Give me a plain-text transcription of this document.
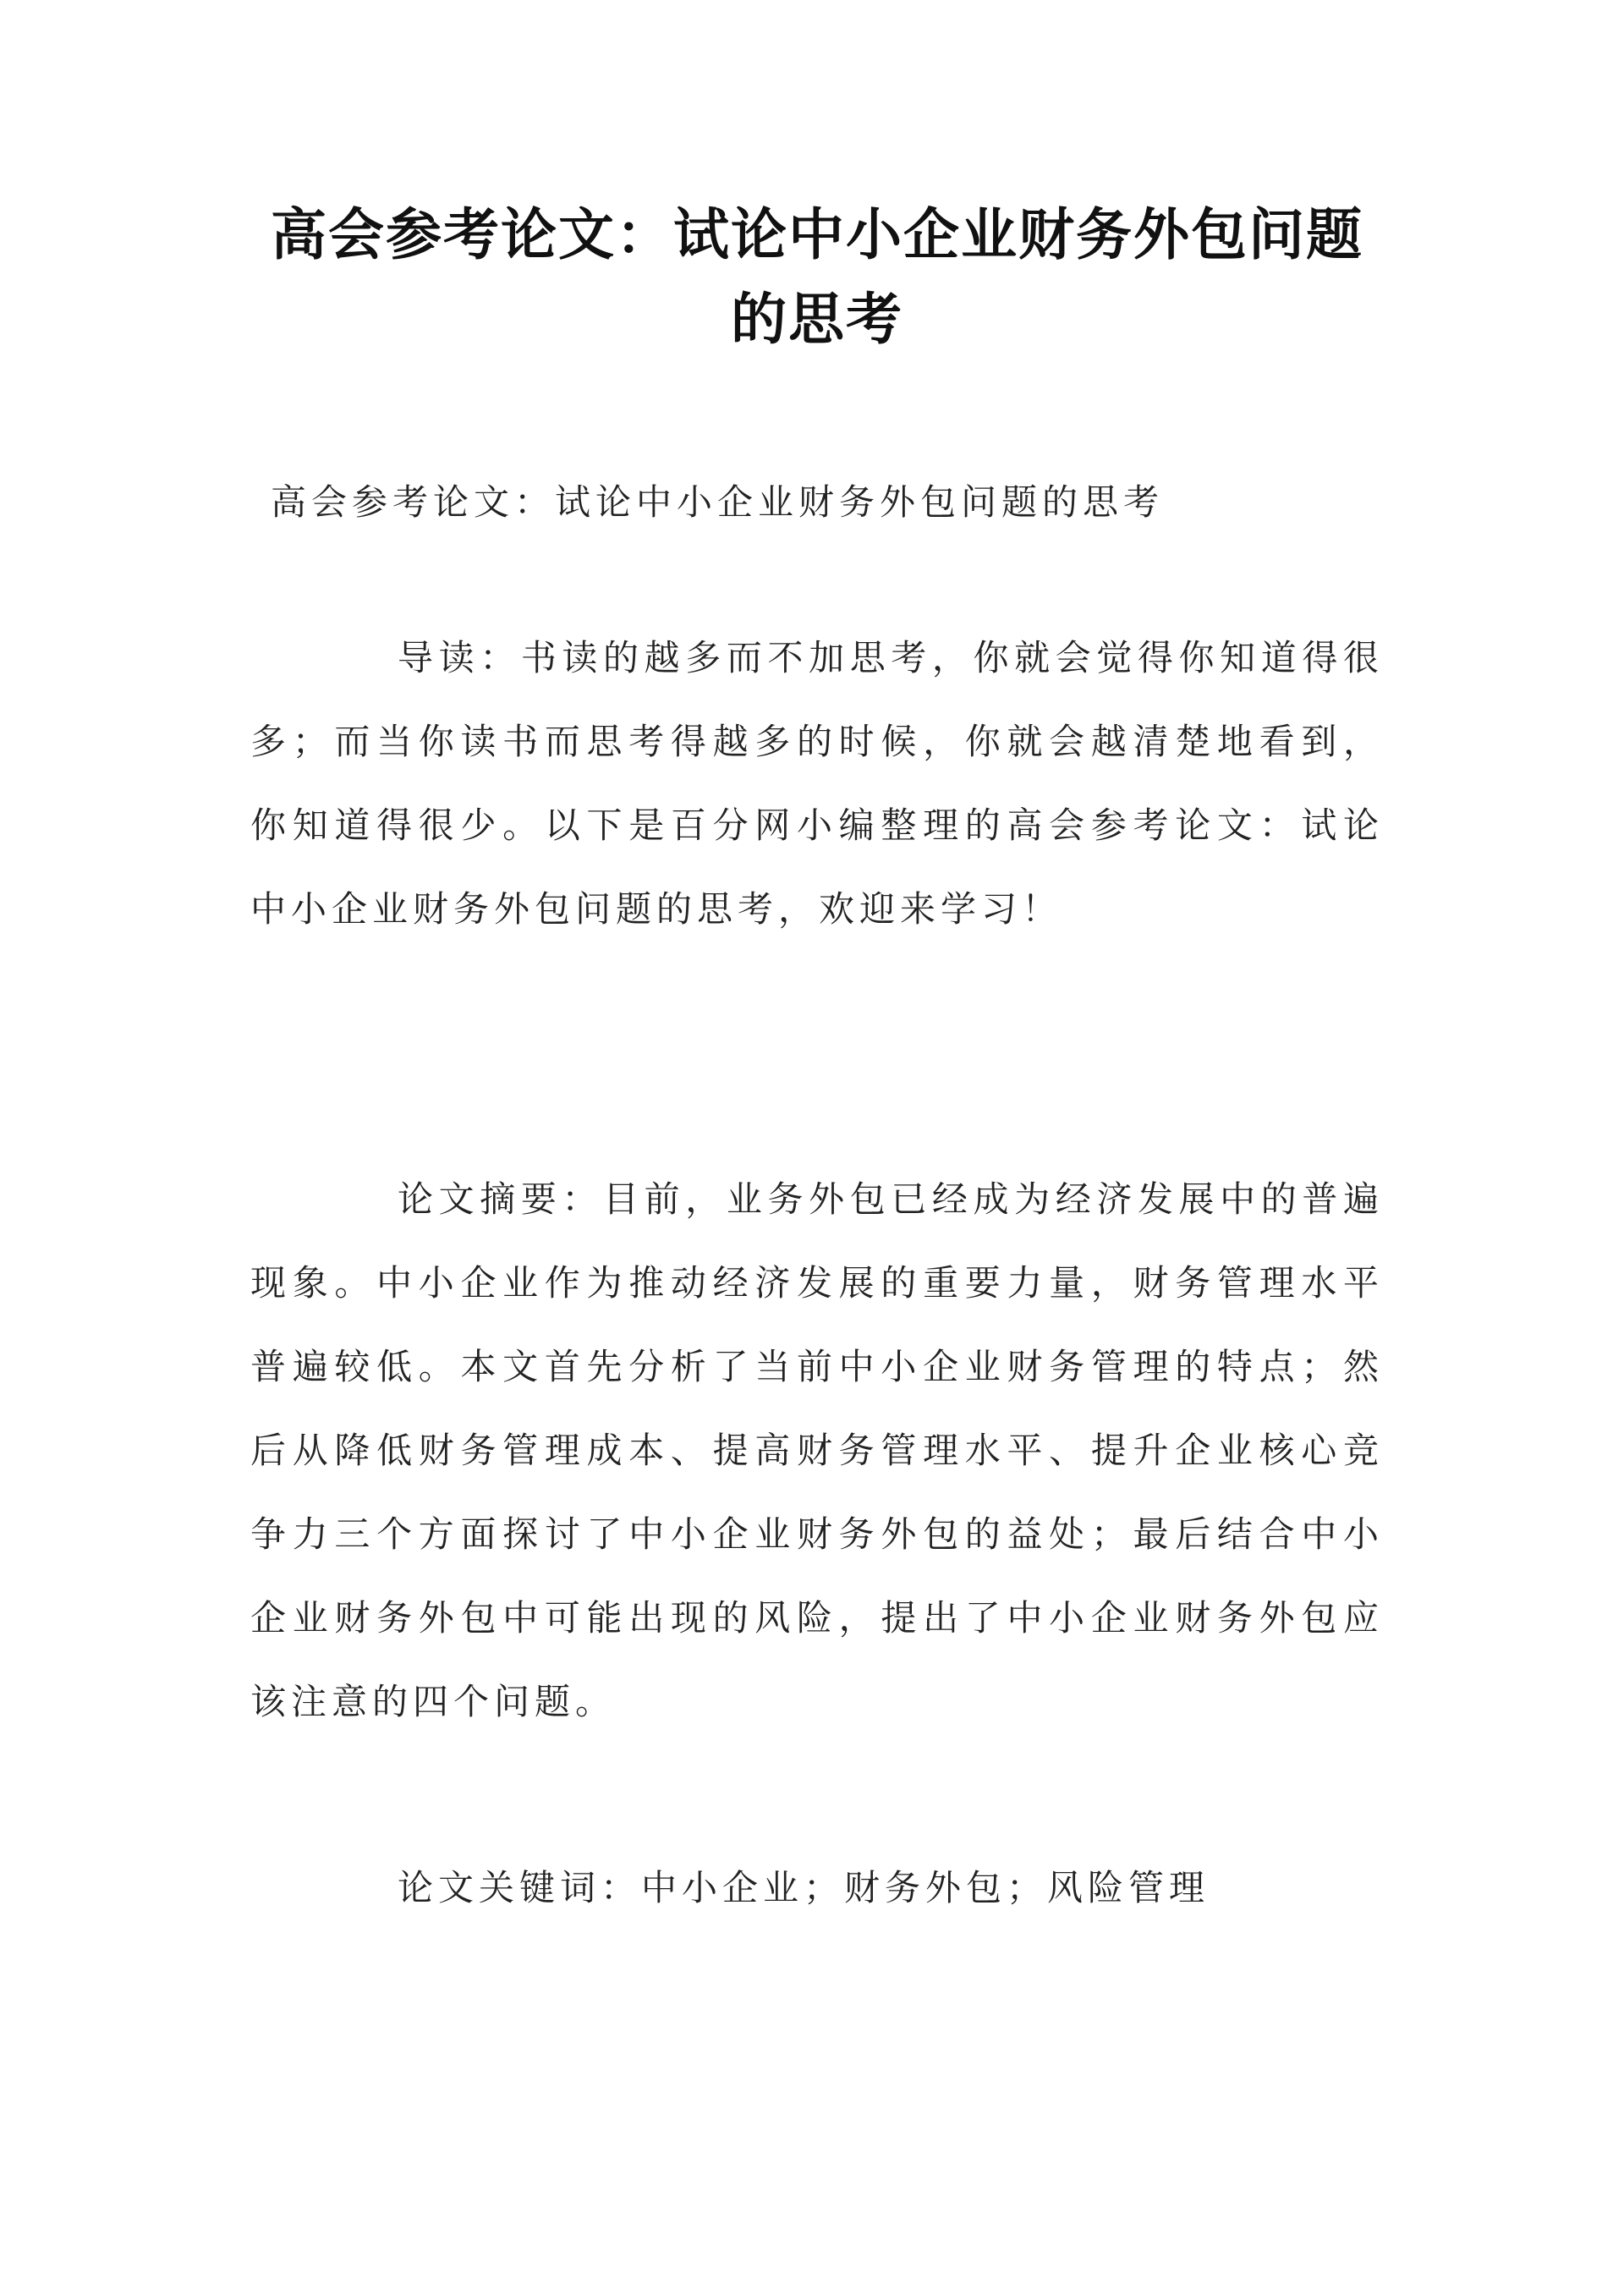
高会参考论文：试论中小企业财务外包问题的思考

高会参考论文：试论中小企业财务外包问题的思考

导读：书读的越多而不加思考，你就会觉得你知道得很多；而当你读书而思考得越多的时候，你就会越清楚地看到，你知道得很少。以下是百分网小编整理的高会参考论文：试论中小企业财务外包问题的思考，欢迎来学习！

论文摘要：目前，业务外包已经成为经济发展中的普遍现象。中小企业作为推动经济发展的重要力量，财务管理水平普遍较低。本文首先分析了当前中小企业财务管理的特点；然后从降低财务管理成本、提高财务管理水平、提升企业核心竞争力三个方面探讨了中小企业财务外包的益处；最后结合中小企业财务外包中可能出现的风险，提出了中小企业财务外包应该注意的四个问题。

论文关键词：中小企业；财务外包；风险管理
